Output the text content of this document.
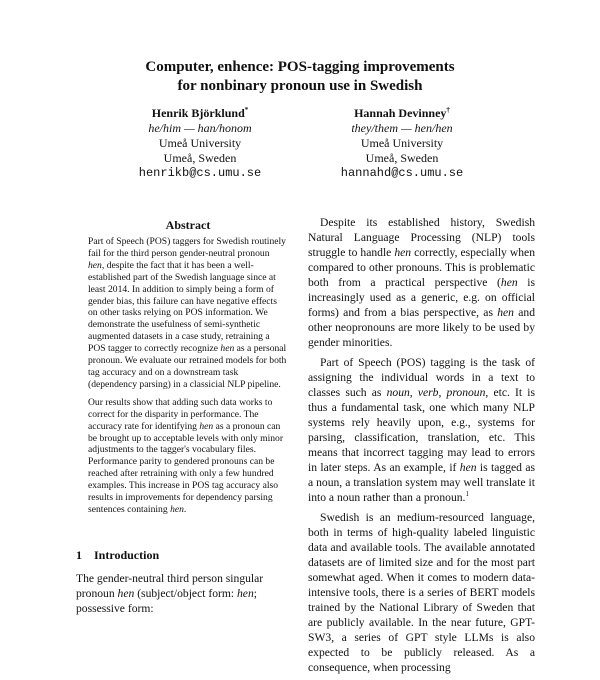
Computer, enhence: POS-tagging improvements
for nonbinary pronoun use in Swedish
Henrik Björklund*
he/him — han/honom
Umeå University
Umeå, Sweden
henrikb@cs.umu.se
Hannah Devinney†
they/them — hen/hen
Umeå University
Umeå, Sweden
hannahd@cs.umu.se
Abstract

Part of Speech (POS) taggers for Swedish routinely fail for the third person gender-neutral pronoun hen, despite the fact that it has been a well-established part of the Swedish language since at least 2014. In addition to simply being a form of gender bias, this failure can have negative effects on other tasks relying on POS information. We demonstrate the usefulness of semi-synthetic augmented datasets in a case study, retraining a POS tagger to correctly recognize hen as a personal pronoun. We evaluate our retrained models for both tag accuracy and on a downstream task (dependency parsing) in a classicial NLP pipeline.

Our results show that adding such data works to correct for the disparity in performance. The accuracy rate for identifying hen as a pronoun can be brought up to acceptable levels with only minor adjustments to the tagger's vocabulary files. Performance parity to gendered pronouns can be reached after retraining with only a few hundred examples. This increase in POS tag accuracy also results in improvements for dependency parsing sentences containing hen.

1 Introduction

The gender-neutral third person singular pronoun hen (subject/object form: hen; possessive form:

Despite its established history, Swedish Natural Language Processing (NLP) tools struggle to handle hen correctly, especially when compared to other pronouns. This is problematic both from a practical perspective (hen is increasingly used as a generic, e.g. on official forms) and from a bias perspective, as hen and other neopronouns are more likely to be used by gender minorities.

Part of Speech (POS) tagging is the task of assigning the individual words in a text to classes such as noun, verb, pronoun, etc. It is thus a fundamental task, one which many NLP systems rely heavily upon, e.g., systems for parsing, classification, translation, etc. This means that incorrect tagging may lead to errors in later steps. As an example, if hen is tagged as a noun, a translation system may well translate it into a noun rather than a pronoun.$^1$

Swedish is an medium-resourced language, both in terms of high-quality labeled linguistic data and available tools. The available annotated datasets are of limited size and for the most part somewhat aged. When it comes to modern data-intensive tools, there is a series of BERT models trained by the National Library of Sweden that are publicly available. In the near future, GPT-SW3, a series of GPT style LLMs is also expected to be publicly released. As a consequence, when processing
